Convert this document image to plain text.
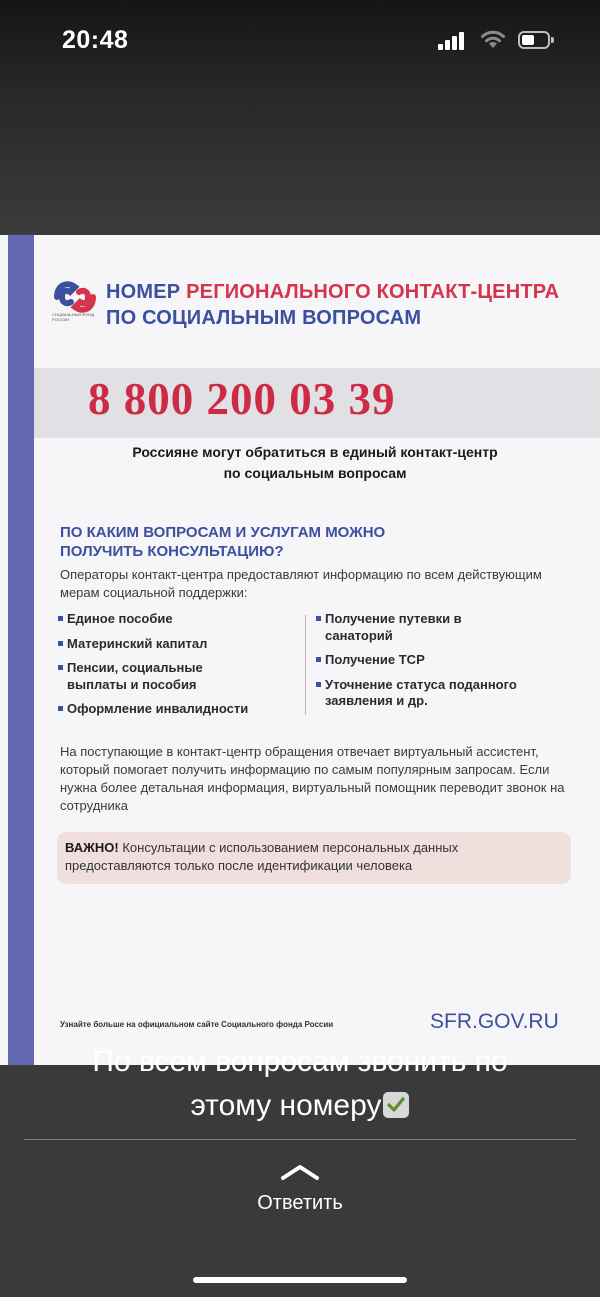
20:48
СОЦИАЛЬНЫЙ ФОНД РОССИИ
НОМЕР РЕГИОНАЛЬНОГО КОНТАКТ-ЦЕНТРА
ПО СОЦИАЛЬНЫМ ВОПРОСАМ
8 800 200 03 39
Россияне могут обратиться в единый контакт-центр
по социальным вопросам
ПО КАКИМ ВОПРОСАМ И УСЛУГАМ МОЖНО
ПОЛУЧИТЬ КОНСУЛЬТАЦИЮ?
Операторы контакт-центра предоставляют информацию по всем действующим мерам социальной поддержки:
Единое пособие
Материнский капитал
Пенсии, социальные выплаты и пособия
Оформление инвалидности
Получение путевки в санаторий
Получение ТСР
Уточнение статуса поданного заявления и др.
На поступающие в контакт-центр обращения отвечает виртуальный ассистент, который помогает получить информацию по самым популярным запросам. Если нужна более детальная информация, виртуальный помощник переводит звонок на сотрудника
ВАЖНО! Консультации с использованием персональных данных предоставляются только после идентификации человека
Узнайте больше на официальном сайте Социального фонда России	SFR.GOV.RU
По всем вопросам звонить по
этому номеру
Ответить
